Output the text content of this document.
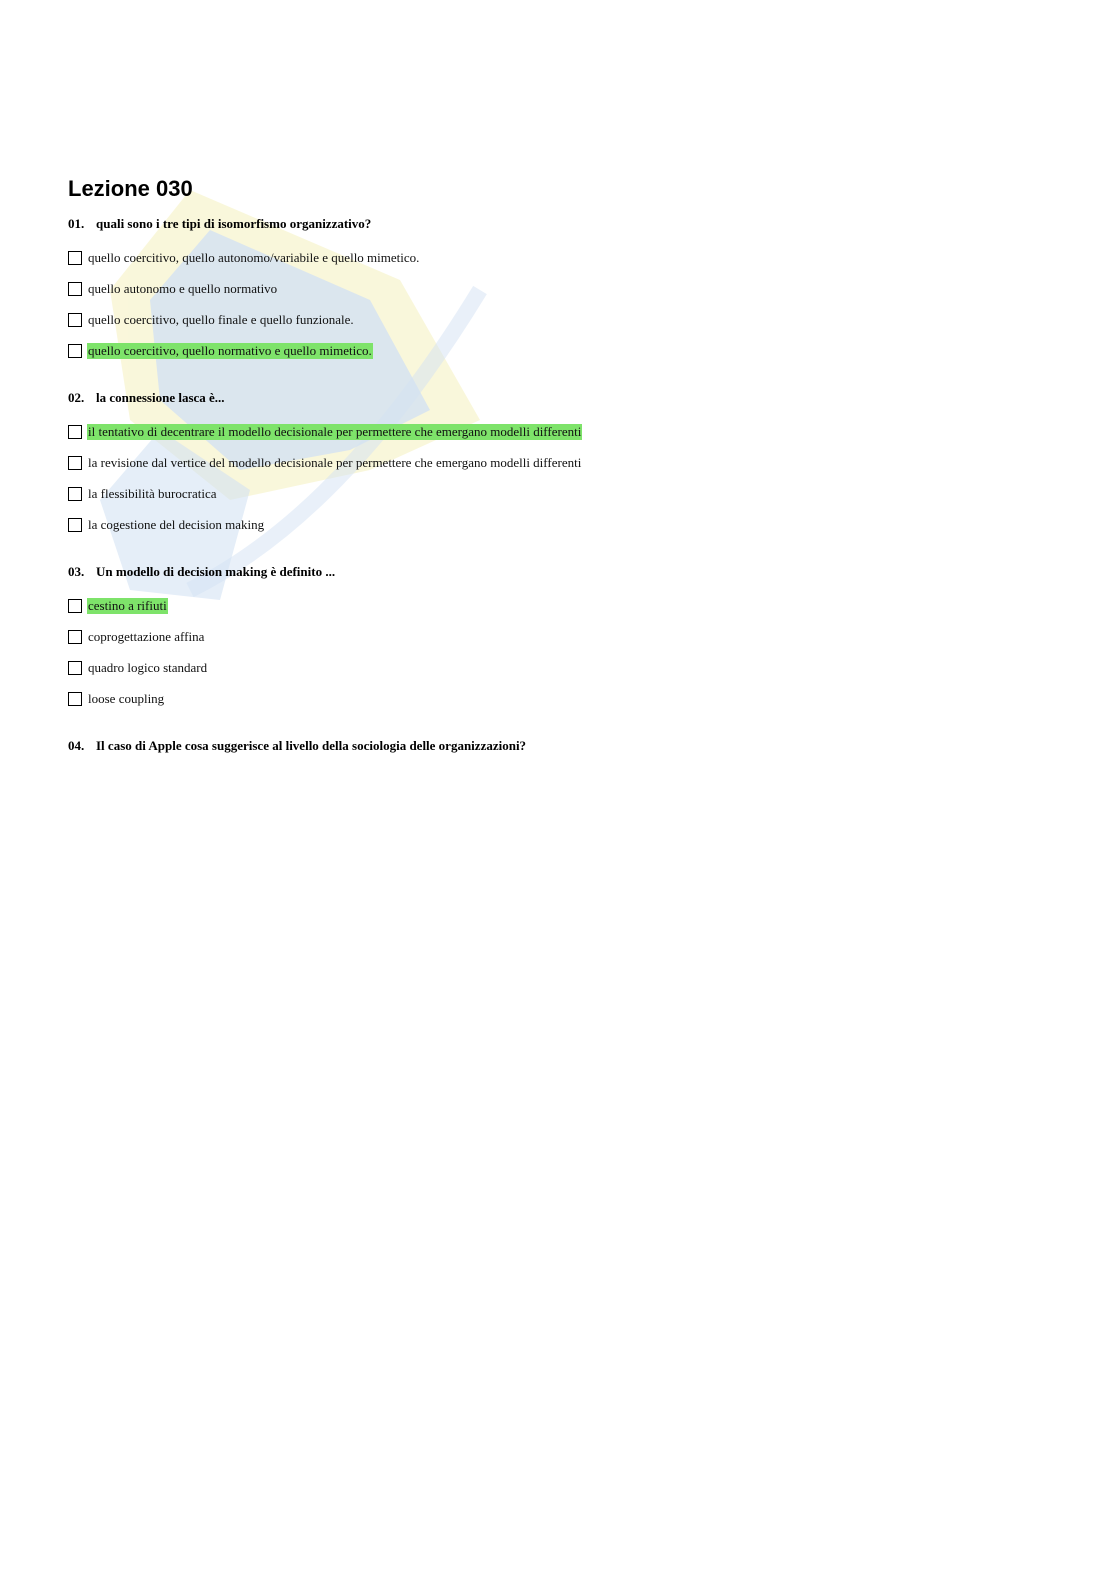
Lezione 030
01. quali sono i tre tipi di isomorfismo organizzativo?
quello coercitivo, quello autonomo/variabile e quello mimetico.
quello autonomo e quello normativo
quello coercitivo, quello finale e quello funzionale.
quello coercitivo, quello normativo e quello mimetico.
02. la connessione lasca è...
il tentativo di decentrare il modello decisionale per permettere che emergano modelli differenti
la revisione dal vertice del modello decisionale per permettere che emergano modelli differenti
la flessibilità burocratica
la cogestione del decision making
03. Un modello di decision making è definito ...
cestino a rifiuti
coprogettazione affina
quadro logico standard
loose coupling
04. Il caso di Apple cosa suggerisce al livello della sociologia delle organizzazioni?
